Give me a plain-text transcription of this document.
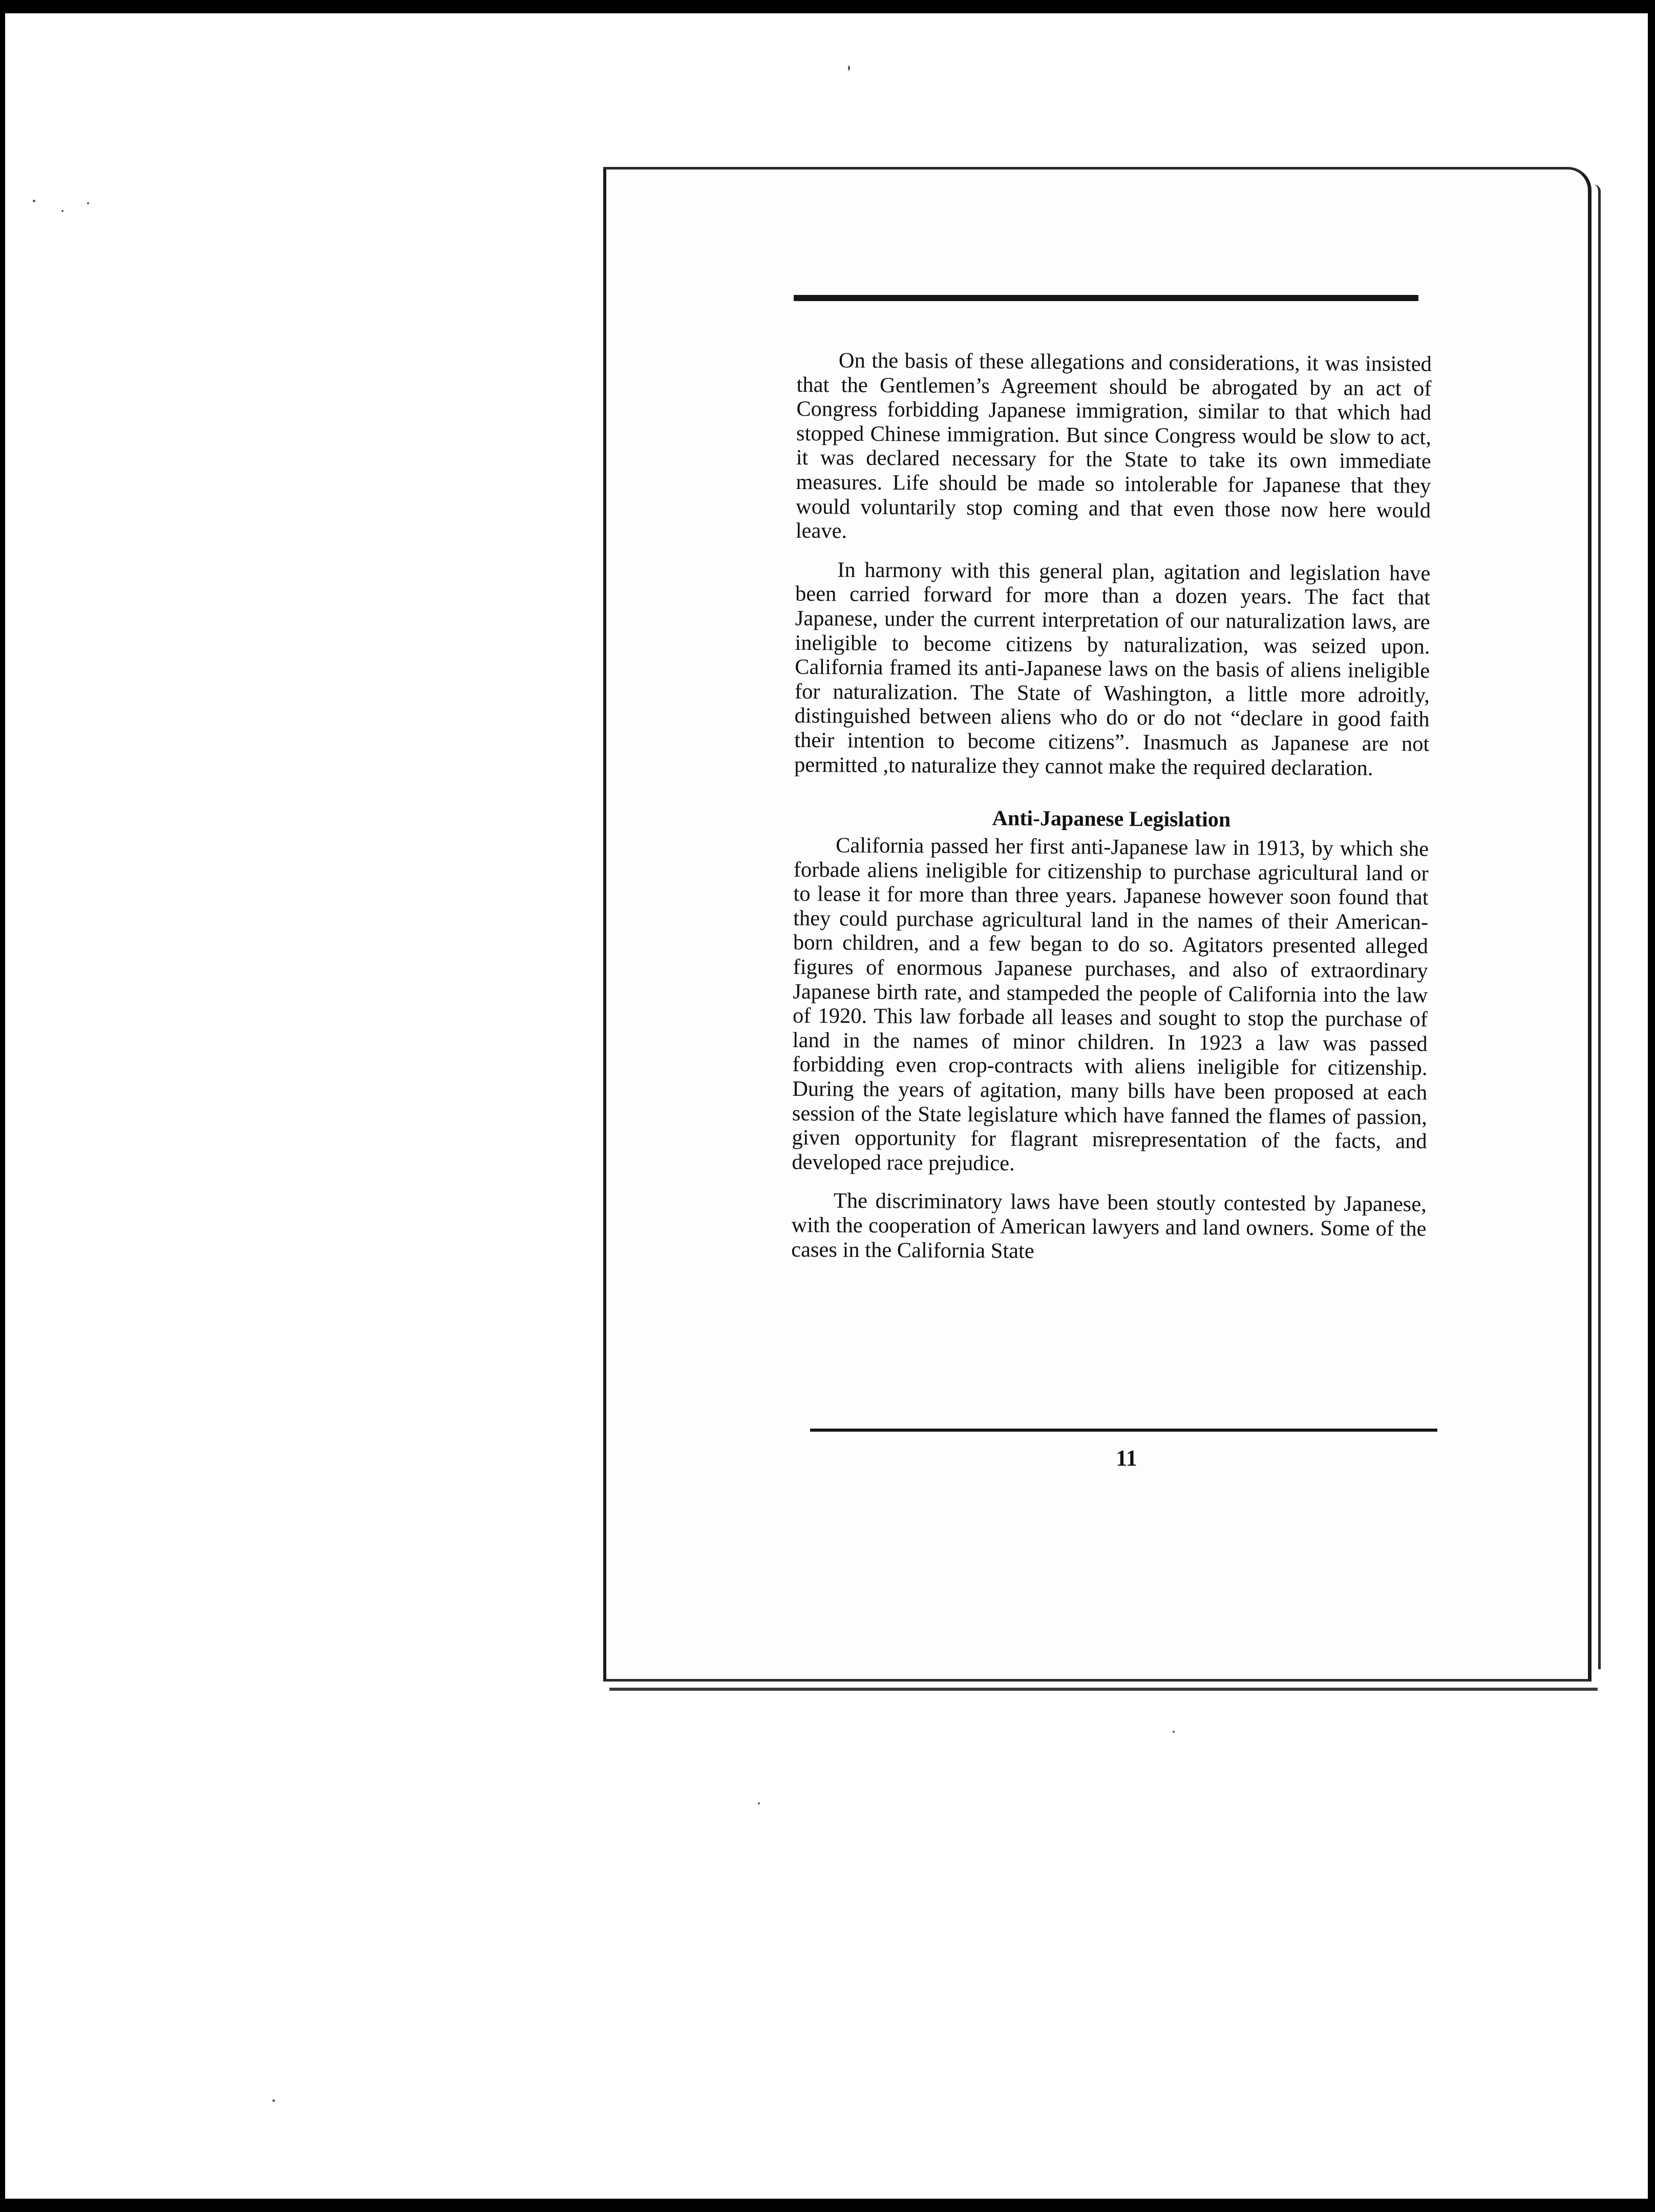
On the basis of these allegations and considerations, it was insisted that the Gentlemen’s Agreement should be abrogated by an act of Congress forbidding Japanese immigration, similar to that which had stopped Chinese immigration. But since Congress would be slow to act, it was declared necessary for the State to take its own immediate measures. Life should be made so intolerable for Japanese that they would voluntarily stop coming and that even those now here would leave.

In harmony with this general plan, agitation and legislation have been carried forward for more than a dozen years. The fact that Japanese, under the current interpretation of our naturalization laws, are ineligible to become citizens by naturalization, was seized upon. California framed its anti-Japanese laws on the basis of aliens ineligible for naturalization. The State of Washington, a little more adroitly, distinguished between aliens who do or do not “declare in good faith their intention to become citizens”. Inasmuch as Japanese are not permitted ,to naturalize they cannot make the required declaration.

Anti-Japanese Legislation

California passed her first anti-Japanese law in 1913, by which she forbade aliens ineligible for citizenship to purchase agricultural land or to lease it for more than three years. Japanese however soon found that they could purchase agricultural land in the names of their American-born children, and a few began to do so. Agitators presented alleged figures of enormous Japanese purchases, and also of extraordinary Japanese birth rate, and stampeded the people of California into the law of 1920. This law forbade all leases and sought to stop the purchase of land in the names of minor children. In 1923 a law was passed forbidding even crop-contracts with aliens ineligible for citizenship. During the years of agitation, many bills have been proposed at each session of the State legislature which have fanned the flames of passion, given opportunity for flagrant misrepresentation of the facts, and developed race prejudice.

The discriminatory laws have been stoutly contested by Japanese, with the cooperation of American lawyers and land owners. Some of the cases in the California State

11
